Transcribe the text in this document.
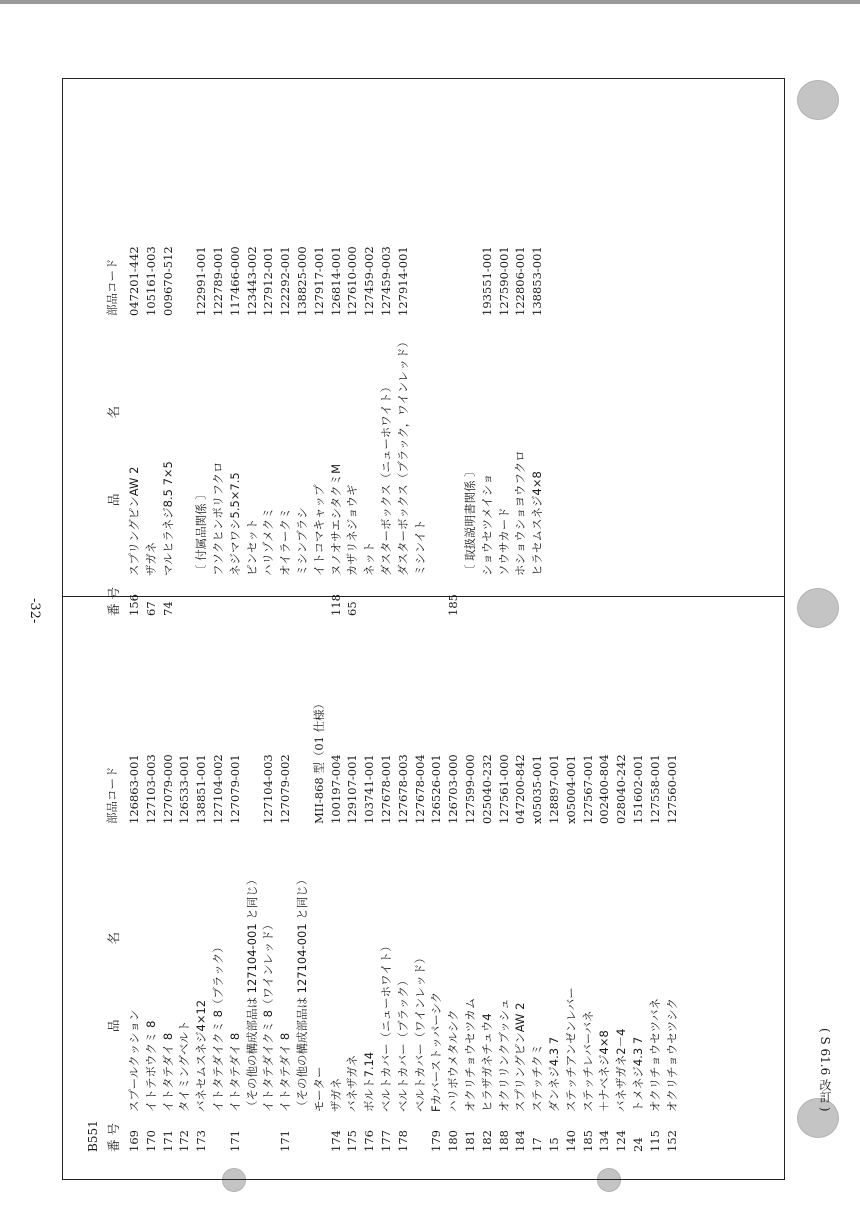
-32-
( S 61.6 改訂 )
B551 番 号
品　　　　　　名
部品コード
169
スプールクッション
126863-001
170
イトテボウクミ 8
127103-003
171
イトタテダイ 8
127079-000
172
タイミングベルト
126533-001
173
バネセムスネジ4×12
138851-001
イトタテダイクミ 8（ブラック）
127104-002
171
イトタテダイ 8
127079-001
（その他の構成部品は 127104-001 と同じ） イトタテダイクミ 8（ワインレッド）
127104-003
171
イトタテダイ 8
127079-002
（その他の構成部品は 127104-001 と同じ） モーター
MII-868 型（01 仕様）
174
ザガネ
100197-004
175
バネザガネ
129107-001
176
ボルト7.14
103741-001
177
ベルトカバー（ニューホワイト）
127678-001
178
ベルトカバー（ブラック）
127678-003
ベルトカバー（ワインレッド）
127678-004
179
Fカバーストッパーシク
126526-001
180
ハリボウメタルシク
126703-000
181
オクリチョウセツカム
127599-000
182
ヒラザガネチュウ4
025040-232
188
オクリリンクブッシュ
127561-000
184
スプリングピンAW 2
047200-842
17
ステッチクミ
x05035-001
15
ダンネジ4.3 7
128897-001
140
ステッチアンゼンレバー
x05004-001
185
ステッチレバーバネ
127567-001
134
＋ナベネジ4×8
002400-804
124
バネザガネ2－4
028040-242
24
トメネジ4.3 7
151602-001
115
オクリチョウセツバネ
127558-001
152
オクリチョウセツシク
127560-001
番 号
品　　　　　　名
部品コード
156
スプリングピンAW 2
047201-442
67
ザガネ
105161-003
74
マルヒラネジ8.5 7×5
009670-512
〔 付属品関係 〕
122991-001
フソクヒンポリフクロ
122789-001
ネジマワシ5.5×7.5
117466-000
ピンセット
123443-002
ハリゾメクミ
127912-001
オイラークミ
122292-001
ミシンブラシ
138825-000
イトコマキャップ
127917-001
118
ヌノオサエシタクミM
126814-001
65
カザリネジョウギ
127610-000
ネット
127459-002
ダスターボックス（ニューホワイト）
127459-003
ダスターボックス（ブラック，ワインレッド）
127914-001
ミシンイト
185
〔 取扱説明書関係 〕 ショウセツメイショ
193551-001
ソウサカード
127590-001
ホショウショヨウフクロ
122806-001
ヒラセムスネジ4×8
138853-001
